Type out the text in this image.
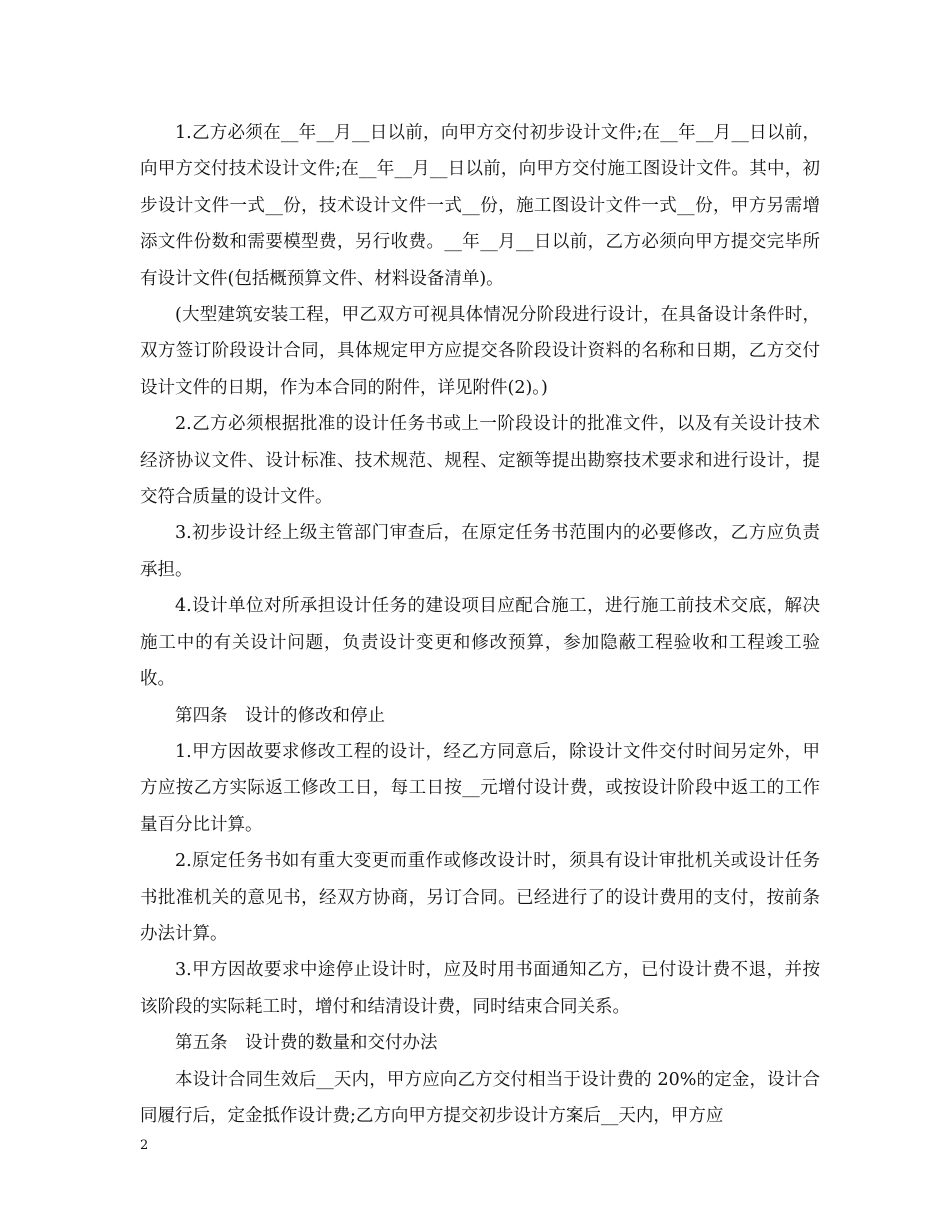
1.乙方必须在__年__月__日以前，向甲方交付初步设计文件;在__年__月__日以前，向甲方交付技术设计文件;在__年__月__日以前，向甲方交付施工图设计文件。其中，初步设计文件一式__份，技术设计文件一式__份，施工图设计文件一式__份，甲方另需增添文件份数和需要模型费，另行收费。__年__月__日以前，乙方必须向甲方提交完毕所有设计文件(包括概预算文件、材料设备清单)。

(大型建筑安装工程，甲乙双方可视具体情况分阶段进行设计，在具备设计条件时，双方签订阶段设计合同，具体规定甲方应提交各阶段设计资料的名称和日期，乙方交付设计文件的日期，作为本合同的附件，详见附件(2)。)

2.乙方必须根据批准的设计任务书或上一阶段设计的批准文件，以及有关设计技术经济协议文件、设计标准、技术规范、规程、定额等提出勘察技术要求和进行设计，提交符合质量的设计文件。

3.初步设计经上级主管部门审查后，在原定任务书范围内的必要修改，乙方应负责承担。

4.设计单位对所承担设计任务的建设项目应配合施工，进行施工前技术交底，解决施工中的有关设计问题，负责设计变更和修改预算，参加隐蔽工程验收和工程竣工验收。

第四条　设计的修改和停止

1.甲方因故要求修改工程的设计，经乙方同意后，除设计文件交付时间另定外，甲方应按乙方实际返工修改工日，每工日按__元增付设计费，或按设计阶段中返工的工作量百分比计算。

2.原定任务书如有重大变更而重作或修改设计时，须具有设计审批机关或设计任务书批准机关的意见书，经双方协商，另订合同。已经进行了的设计费用的支付，按前条办法计算。

3.甲方因故要求中途停止设计时，应及时用书面通知乙方，已付设计费不退，并按该阶段的实际耗工时，增付和结清设计费，同时结束合同关系。

第五条　设计费的数量和交付办法

本设计合同生效后__天内，甲方应向乙方交付相当于设计费的 20%的定金，设计合同履行后，定金抵作设计费;乙方向甲方提交初步设计方案后__天内，甲方应

2
